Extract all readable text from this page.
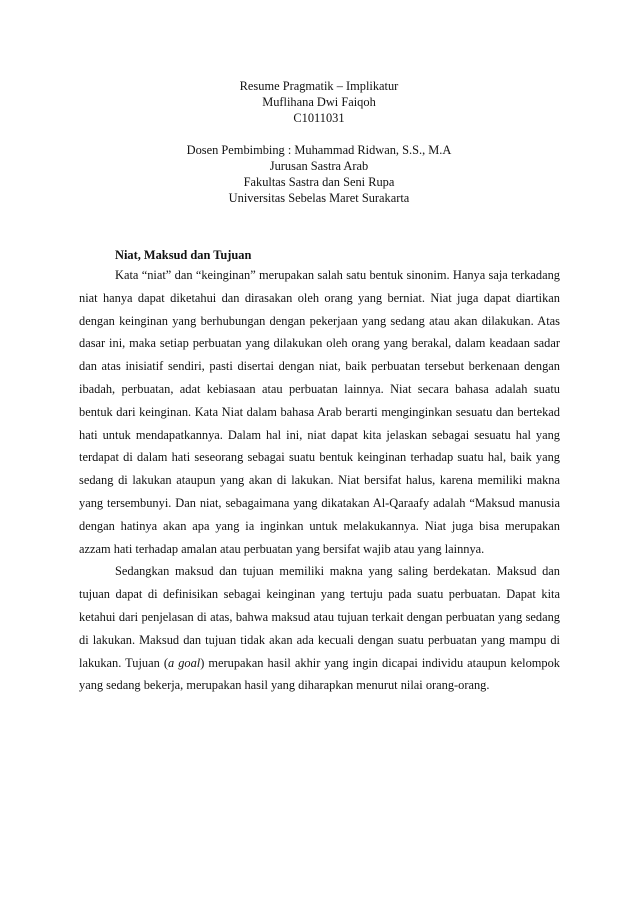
Resume Pragmatik – Implikatur
Muflihana Dwi Faiqoh
C1011031
Dosen Pembimbing : Muhammad Ridwan, S.S., M.A
Jurusan Sastra Arab
Fakultas Sastra dan Seni Rupa
Universitas Sebelas Maret Surakarta

Niat, Maksud dan Tujuan

Kata “niat” dan “keinginan” merupakan salah satu bentuk sinonim. Hanya saja terkadang niat hanya dapat diketahui dan dirasakan oleh orang yang berniat. Niat juga dapat diartikan dengan keinginan yang berhubungan dengan pekerjaan yang sedang atau akan dilakukan. Atas dasar ini, maka setiap perbuatan yang dilakukan oleh orang yang berakal, dalam keadaan sadar dan atas inisiatif sendiri, pasti disertai dengan niat, baik perbuatan tersebut berkenaan dengan ibadah, perbuatan, adat kebiasaan atau perbuatan lainnya. Niat secara bahasa adalah suatu bentuk dari keinginan. Kata Niat dalam bahasa Arab berarti menginginkan sesuatu dan bertekad hati untuk mendapatkannya. Dalam hal ini, niat dapat kita jelaskan sebagai sesuatu hal yang terdapat di dalam hati seseorang sebagai suatu bentuk keinginan terhadap suatu hal, baik yang sedang di lakukan ataupun yang akan di lakukan. Niat bersifat halus, karena memiliki makna yang tersembunyi. Dan niat, sebagaimana yang dikatakan Al-Qaraafy adalah “Maksud manusia dengan hatinya akan apa yang ia inginkan untuk melakukannya. Niat juga bisa merupakan azzam hati terhadap amalan atau perbuatan yang bersifat wajib atau yang lainnya.

Sedangkan maksud dan tujuan memiliki makna yang saling berdekatan. Maksud dan tujuan dapat di definisikan sebagai keinginan yang tertuju pada suatu perbuatan. Dapat kita ketahui dari penjelasan di atas, bahwa maksud atau tujuan terkait dengan perbuatan yang sedang di lakukan. Maksud dan tujuan tidak akan ada kecuali dengan suatu perbuatan yang mampu di lakukan. Tujuan (a goal) merupakan hasil akhir yang ingin dicapai individu ataupun kelompok yang sedang bekerja, merupakan hasil yang diharapkan menurut nilai orang-orang.
